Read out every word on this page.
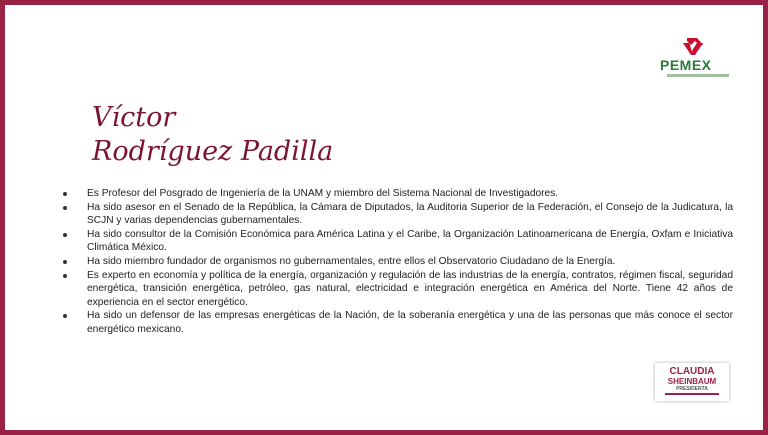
PEMEX
Víctor
Rodríguez Padilla
Es Profesor del Posgrado de Ingeniería de la UNAM y miembro del Sistema Nacional de Investigadores.
Ha sido asesor en el Senado de la República, la Cámara de Diputados, la Auditoria Superior de la Federación, el Consejo de la Judicatura, la SCJN y varias dependencias gubernamentales.
Ha sido consultor de la Comisión Económica para América Latina y el Caribe, la Organización Latinoamericana de Energía, Oxfam e Iniciativa Climática México.
Ha sido miembro fundador de organismos no gubernamentales, entre ellos el Observatorio Ciudadano de la Energía.
Es experto en economía y política de la energía, organización y regulación de las industrias de la energía, contratos, régimen fiscal, seguridad energética, transición energética, petróleo, gas natural, electricidad e integración energética en América del Norte. Tiene 42 años de experiencia en el sector energético.
Ha sido un defensor de las empresas energéticas de la Nación, de la soberanía energética y una de las personas que más conoce el sector energético mexicano.
CLAUDIA
SHEINBAUM
PRESIDENTA
